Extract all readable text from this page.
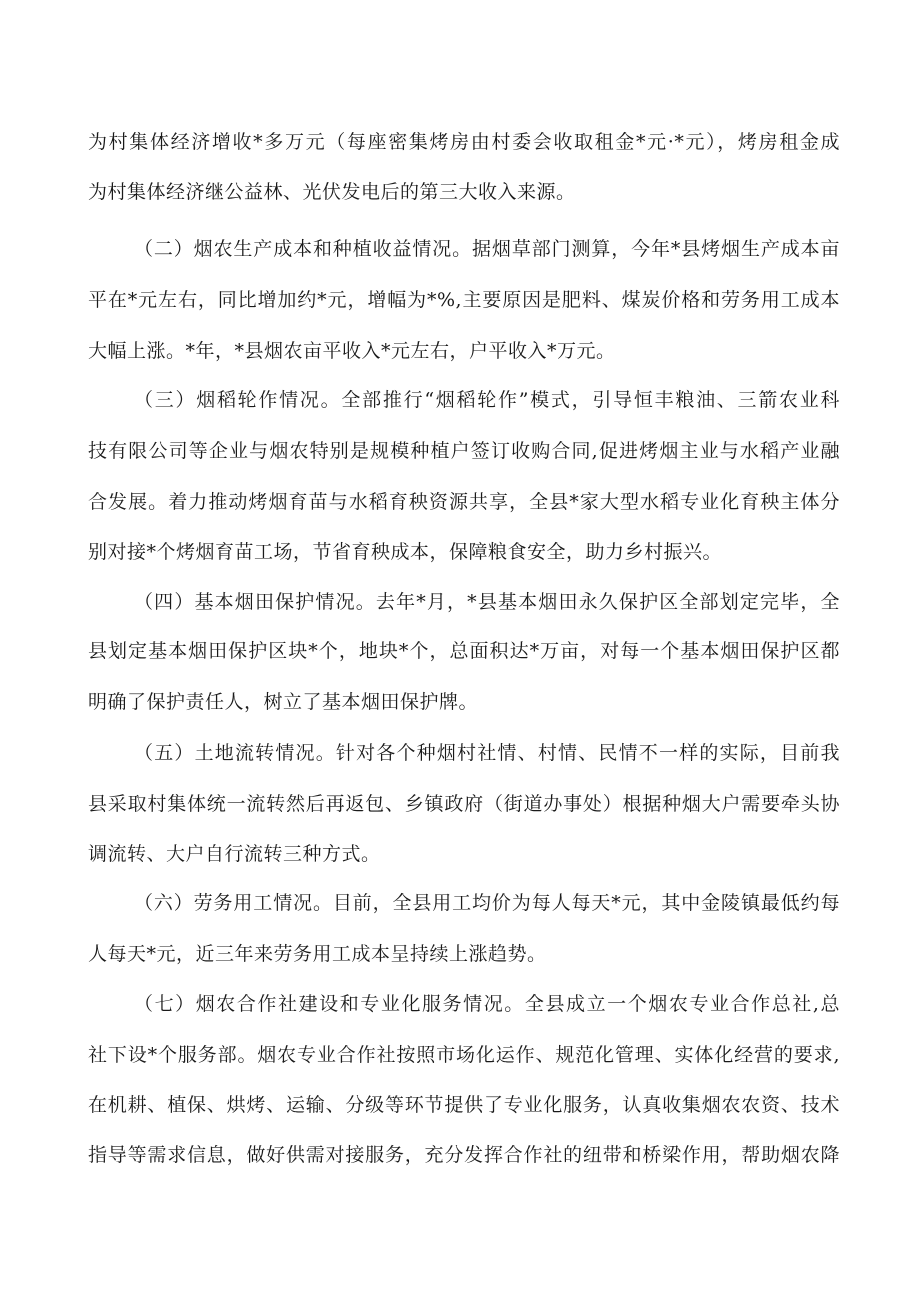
为村集体经济增收*多万元（每座密集烤房由村委会收取租金*元·*元），烤房租金成
为村集体经济继公益林、光伏发电后的第三大收入来源。
（二）烟农生产成本和种植收益情况。据烟草部门测算，今年*县烤烟生产成本亩
平在*元左右，同比增加约*元，增幅为*%,主要原因是肥料、煤炭价格和劳务用工成本
大幅上涨。*年，*县烟农亩平收入*元左右，户平收入*万元。
（三）烟稻轮作情况。全部推行“烟稻轮作”模式，引导恒丰粮油、三箭农业科
技有限公司等企业与烟农特别是规模种植户签订收购合同,促进烤烟主业与水稻产业融
合发展。着力推动烤烟育苗与水稻育秧资源共享，全县*家大型水稻专业化育秧主体分
别对接*个烤烟育苗工场，节省育秧成本，保障粮食安全，助力乡村振兴。
（四）基本烟田保护情况。去年*月，*县基本烟田永久保护区全部划定完毕，全
县划定基本烟田保护区块*个，地块*个，总面积达*万亩，对每一个基本烟田保护区都
明确了保护责任人，树立了基本烟田保护牌。
（五）土地流转情况。针对各个种烟村社情、村情、民情不一样的实际，目前我
县采取村集体统一流转然后再返包、乡镇政府（街道办事处）根据种烟大户需要牵头协
调流转、大户自行流转三种方式。
（六）劳务用工情况。目前，全县用工均价为每人每天*元，其中金陵镇最低约每
人每天*元，近三年来劳务用工成本呈持续上涨趋势。
（七）烟农合作社建设和专业化服务情况。全县成立一个烟农专业合作总社,总
社下设*个服务部。烟农专业合作社按照市场化运作、规范化管理、实体化经营的要求,
在机耕、植保、烘烤、运输、分级等环节提供了专业化服务，认真收集烟农农资、技术
指导等需求信息，做好供需对接服务，充分发挥合作社的纽带和桥梁作用，帮助烟农降
